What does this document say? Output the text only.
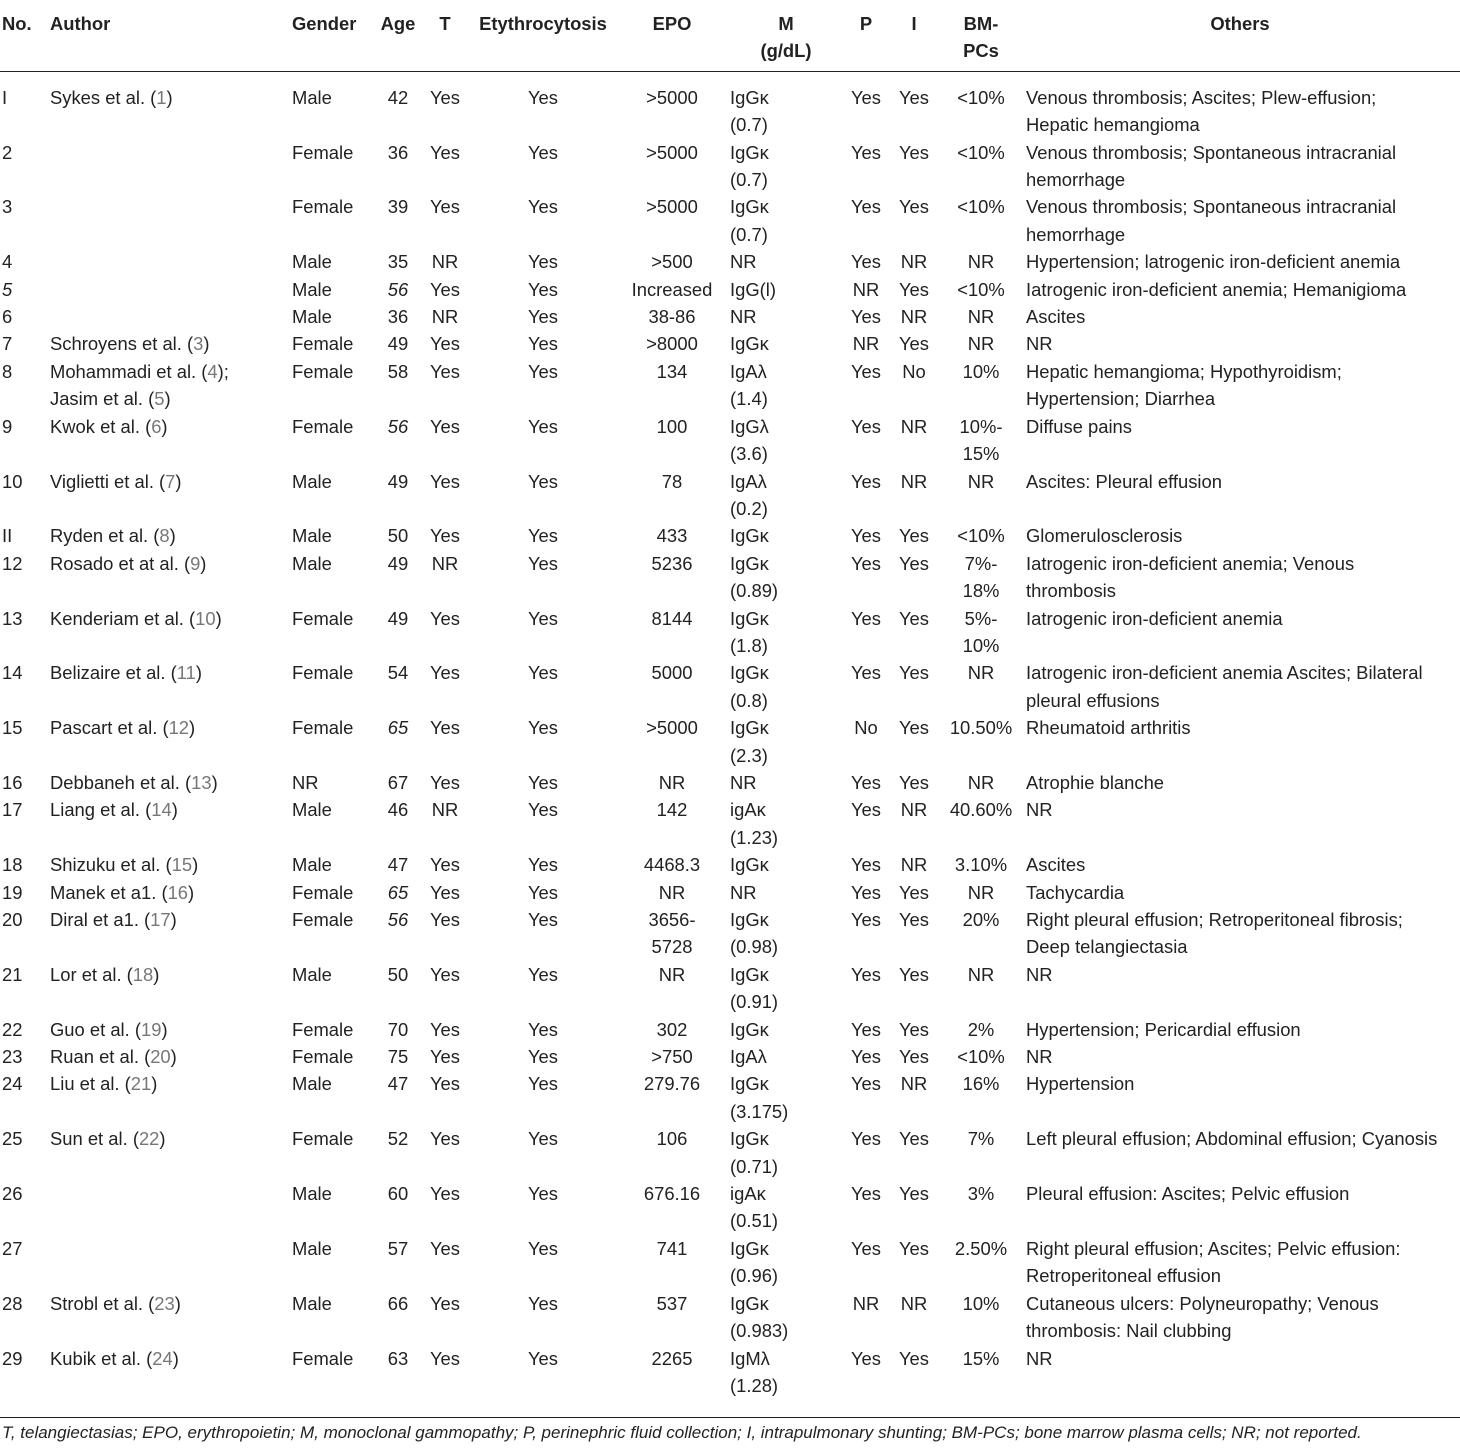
No.	Author	Gender	Age	T	Etythrocytosis	EPO	M
(g/dL)	P	I	BM-
PCs	Others
I	Sykes et al. (1)	Male	42	Yes	Yes	>5000	IgGκ
(0.7)	Yes	Yes	<10%	Venous thrombosis; Ascites; Plew-effusion;
Hepatic hemangioma
2		Female	36	Yes	Yes	>5000	IgGκ
(0.7)	Yes	Yes	<10%	Venous thrombosis; Spontaneous intracranial
hemorrhage
3		Female	39	Yes	Yes	>5000	IgGκ
(0.7)	Yes	Yes	<10%	Venous thrombosis; Spontaneous intracranial
hemorrhage
4		Male	35	NR	Yes	>500	NR	Yes	NR	NR	Hypertension; latrogenic iron-deficient anemia
5		Male	56	Yes	Yes	Increased	IgG(l)	NR	Yes	<10%	Iatrogenic iron-deficient anemia; Hemanigioma
6		Male	36	NR	Yes	38-86	NR	Yes	NR	NR	Ascites
7	Schroyens et al. (3)	Female	49	Yes	Yes	>8000	IgGκ	NR	Yes	NR	NR
8	Mohammadi et al. (4);
Jasim et al. (5)	Female	58	Yes	Yes	134	IgAλ
(1.4)	Yes	No	10%	Hepatic hemangioma; Hypothyroidism;
Hypertension; Diarrhea
9	Kwok et al. (6)	Female	56	Yes	Yes	100	IgGλ
(3.6)	Yes	NR	10%-
15%	Diffuse pains
10	Viglietti et al. (7)	Male	49	Yes	Yes	78	IgAλ
(0.2)	Yes	NR	NR	Ascites: Pleural effusion
II	Ryden et al. (8)	Male	50	Yes	Yes	433	IgGκ	Yes	Yes	<10%	Glomerulosclerosis
12	Rosado et at al. (9)	Male	49	NR	Yes	5236	IgGκ
(0.89)	Yes	Yes	7%-
18%	Iatrogenic iron-deficient anemia; Venous
thrombosis
13	Kenderiam et al. (10)	Female	49	Yes	Yes	8144	IgGκ
(1.8)	Yes	Yes	5%-
10%	Iatrogenic iron-deficient anemia
14	Belizaire et al. (11)	Female	54	Yes	Yes	5000	IgGκ
(0.8)	Yes	Yes	NR	Iatrogenic iron-deficient anemia Ascites; Bilateral
pleural effusions
15	Pascart et al. (12)	Female	65	Yes	Yes	>5000	IgGκ
(2.3)	No	Yes	10.50%	Rheumatoid arthritis
16	Debbaneh et al. (13)	NR	67	Yes	Yes	NR	NR	Yes	Yes	NR	Atrophie blanche
17	Liang et al. (14)	Male	46	NR	Yes	142	igAκ
(1.23)	Yes	NR	40.60%	NR
18	Shizuku et al. (15)	Male	47	Yes	Yes	4468.3	IgGκ	Yes	NR	3.10%	Ascites
19	Manek et a1. (16)	Female	65	Yes	Yes	NR	NR	Yes	Yes	NR	Tachycardia
20	Diral et a1. (17)	Female	56	Yes	Yes	3656-
5728	IgGκ
(0.98)	Yes	Yes	20%	Right pleural effusion; Retroperitoneal fibrosis;
Deep telangiectasia
21	Lor et al. (18)	Male	50	Yes	Yes	NR	IgGκ
(0.91)	Yes	Yes	NR	NR
22	Guo et al. (19)	Female	70	Yes	Yes	302	IgGκ	Yes	Yes	2%	Hypertension; Pericardial effusion
23	Ruan et al. (20)	Female	75	Yes	Yes	>750	IgAλ	Yes	Yes	<10%	NR
24	Liu et al. (21)	Male	47	Yes	Yes	279.76	IgGκ
(3.175)	Yes	NR	16%	Hypertension
25	Sun et al. (22)	Female	52	Yes	Yes	106	IgGκ
(0.71)	Yes	Yes	7%	Left pleural effusion; Abdominal effusion; Cyanosis
26		Male	60	Yes	Yes	676.16	igAκ
(0.51)	Yes	Yes	3%	Pleural effusion: Ascites; Pelvic effusion
27		Male	57	Yes	Yes	741	IgGκ
(0.96)	Yes	Yes	2.50%	Right pleural effusion; Ascites; Pelvic effusion:
Retroperitoneal effusion
28	Strobl et al. (23)	Male	66	Yes	Yes	537	IgGκ
(0.983)	NR	NR	10%	Cutaneous ulcers: Polyneuropathy; Venous
thrombosis: Nail clubbing
29	Kubik et al. (24)	Female	63	Yes	Yes	2265	IgMλ
(1.28)	Yes	Yes	15%	NR
T, telangiectasias; EPO, erythropoietin; M, monoclonal gammopathy; P, perinephric fluid collection; I, intrapulmonary shunting; BM-PCs; bone marrow plasma cells; NR; not reported.
